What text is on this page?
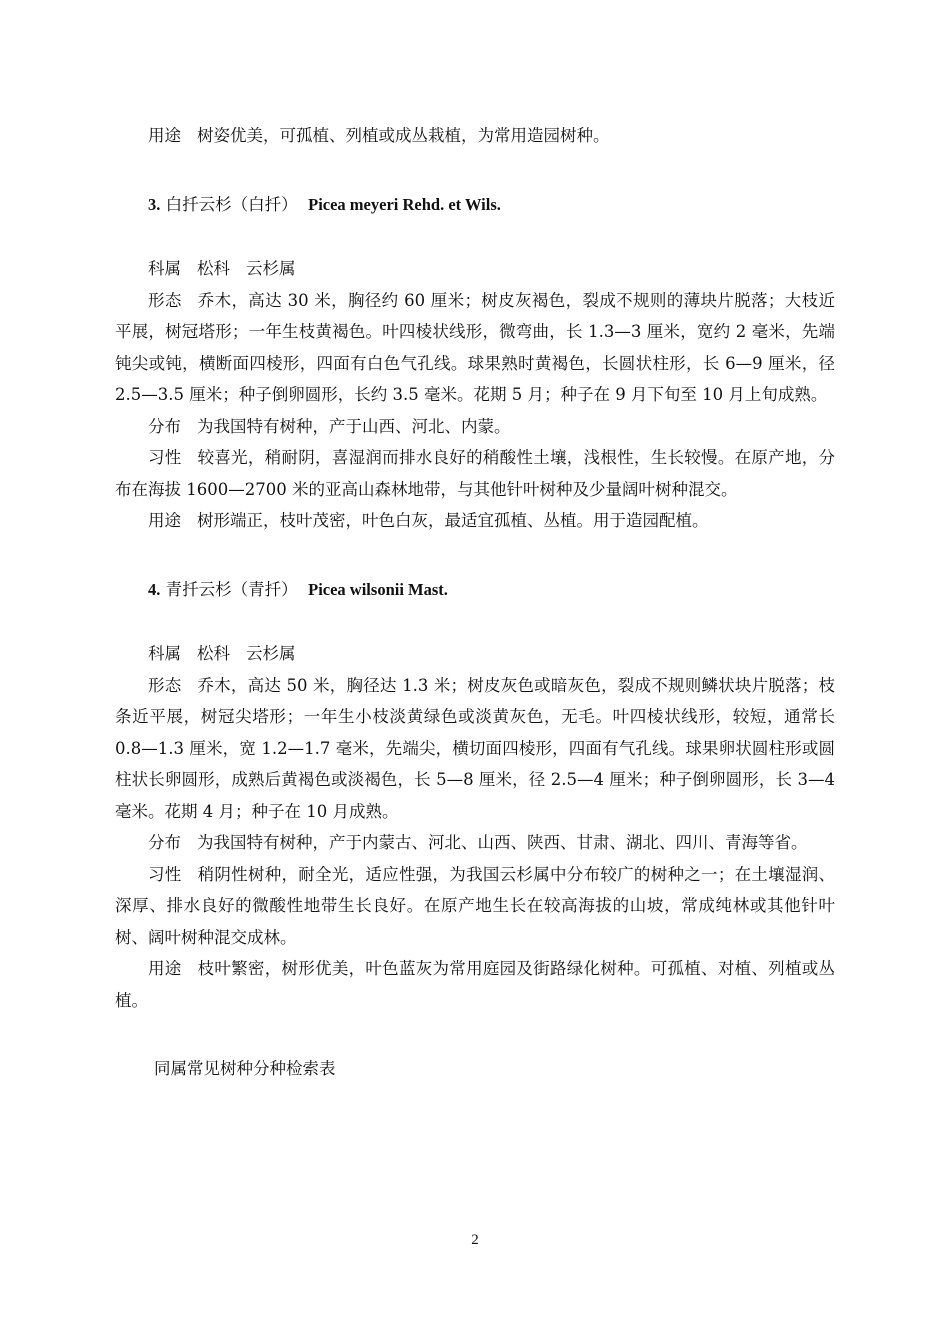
用途 树姿优美，可孤植、列植或成丛栽植，为常用造园树种。

3. 白扦云杉（白扦） Picea meyeri Rehd. et Wils.

科属 松科 云杉属

形态 乔木，高达 30 米，胸径约 60 厘米；树皮灰褐色，裂成不规则的薄块片脱落；大枝近平展，树冠塔形；一年生枝黄褐色。叶四棱状线形，微弯曲，长 1.3—3 厘米，宽约 2 毫米，先端钝尖或钝，横断面四棱形，四面有白色气孔线。球果熟时黄褐色，长圆状柱形，长 6—9 厘米，径 2.5—3.5 厘米；种子倒卵圆形，长约 3.5 毫米。花期 5 月；种子在 9 月下旬至 10 月上旬成熟。

分布 为我国特有树种，产于山西、河北、内蒙。

习性 较喜光，稍耐阴，喜湿润而排水良好的稍酸性土壤，浅根性，生长较慢。在原产地，分布在海拔 1600—2700 米的亚高山森林地带，与其他针叶树种及少量阔叶树种混交。

用途 树形端正，枝叶茂密，叶色白灰，最适宜孤植、丛植。用于造园配植。

4. 青扦云杉（青扦） Picea wilsonii Mast.

科属 松科 云杉属

形态 乔木，高达 50 米，胸径达 1.3 米；树皮灰色或暗灰色，裂成不规则鳞状块片脱落；枝条近平展，树冠尖塔形；一年生小枝淡黄绿色或淡黄灰色，无毛。叶四棱状线形，较短，通常长 0.8—1.3 厘米，宽 1.2—1.7 毫米，先端尖，横切面四棱形，四面有气孔线。球果卵状圆柱形或圆柱状长卵圆形，成熟后黄褐色或淡褐色，长 5—8 厘米，径 2.5—4 厘米；种子倒卵圆形，长 3—4 毫米。花期 4 月；种子在 10 月成熟。

分布 为我国特有树种，产于内蒙古、河北、山西、陕西、甘肃、湖北、四川、青海等省。

习性 稍阴性树种，耐全光，适应性强，为我国云杉属中分布较广的树种之一；在土壤湿润、深厚、排水良好的微酸性地带生长良好。在原产地生长在较高海拔的山坡，常成纯林或其他针叶树、阔叶树种混交成林。

用途 枝叶繁密，树形优美，叶色蓝灰为常用庭园及街路绿化树种。可孤植、对植、列植或丛植。

同属常见树种分种检索表

2
